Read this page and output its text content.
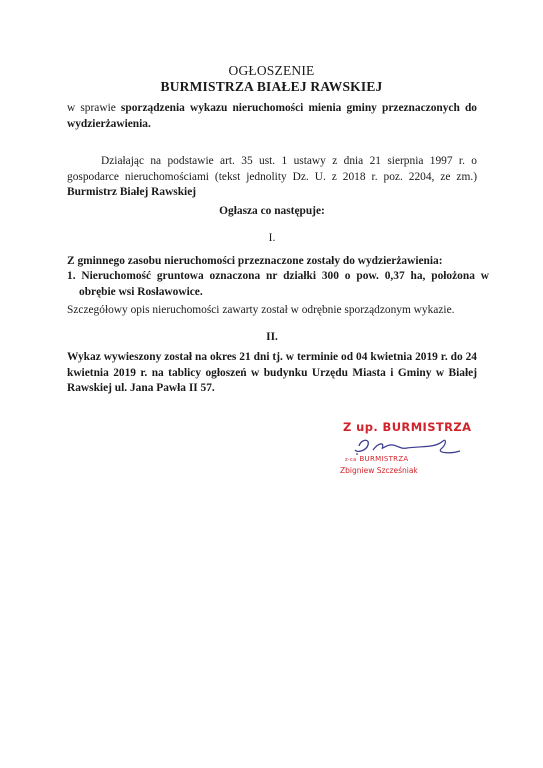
OGŁOSZENIE
BURMISTRZA BIAŁEJ RAWSKIEJ
w sprawie sporządzenia wykazu nieruchomości mienia gminy przeznaczonych do wydzierżawienia.
Działając na podstawie art. 35 ust. 1 ustawy z dnia 21 sierpnia 1997 r. o gospodarce nieruchomościami (tekst jednolity Dz. U. z 2018 r. poz. 2204, ze zm.) Burmistrz Białej Rawskiej
Ogłasza co następuje:
I.
Z gminnego zasobu nieruchomości przeznaczone zostały do wydzierżawienia:
1. Nieruchomość gruntowa oznaczona nr działki 300 o pow. 0,37 ha, położona w obrębie wsi Rosławowice.
Szczegółowy opis nieruchomości zawarty został w odrębnie sporządzonym wykazie.
II.
Wykaz wywieszony został na okres 21 dni tj. w terminie od 04 kwietnia 2019 r. do 24 kwietnia 2019 r. na tablicy ogłoszeń w budynku Urzędu Miasta i Gminy w Białej Rawskiej ul. Jana Pawła II 57.
Z up. BURMISTRZA
z-ca BURMISTRZA
Zbigniew Szcześniak
